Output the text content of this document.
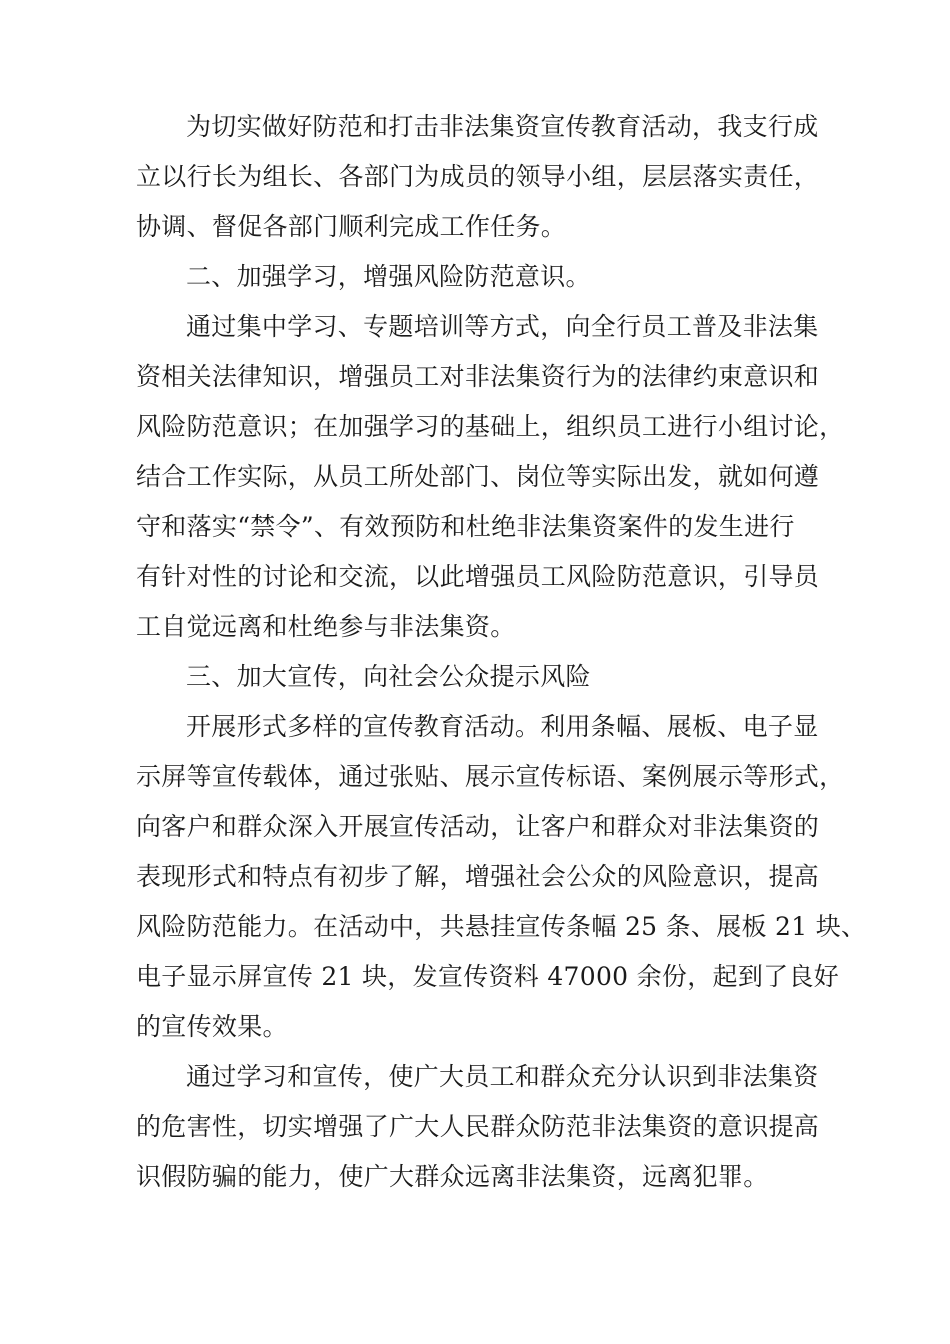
为切实做好防范和打击非法集资宣传教育活动，我支行成
立以行长为组长、各部门为成员的领导小组，层层落实责任，
协调、督促各部门顺利完成工作任务。
二、加强学习，增强风险防范意识。
通过集中学习、专题培训等方式，向全行员工普及非法集
资相关法律知识，增强员工对非法集资行为的法律约束意识和
风险防范意识；在加强学习的基础上，组织员工进行小组讨论，
结合工作实际，从员工所处部门、岗位等实际出发，就如何遵
守和落实“禁令”、有效预防和杜绝非法集资案件的发生进行
有针对性的讨论和交流，以此增强员工风险防范意识，引导员
工自觉远离和杜绝参与非法集资。
三、加大宣传，向社会公众提示风险
开展形式多样的宣传教育活动。利用条幅、展板、电子显
示屏等宣传载体，通过张贴、展示宣传标语、案例展示等形式，
向客户和群众深入开展宣传活动，让客户和群众对非法集资的
表现形式和特点有初步了解，增强社会公众的风险意识，提高
风险防范能力。在活动中，共悬挂宣传条幅 25 条、展板 21 块、
电子显示屏宣传 21 块，发宣传资料 47000 余份，起到了良好
的宣传效果。
通过学习和宣传，使广大员工和群众充分认识到非法集资
的危害性，切实增强了广大人民群众防范非法集资的意识提高
识假防骗的能力，使广大群众远离非法集资，远离犯罪。
